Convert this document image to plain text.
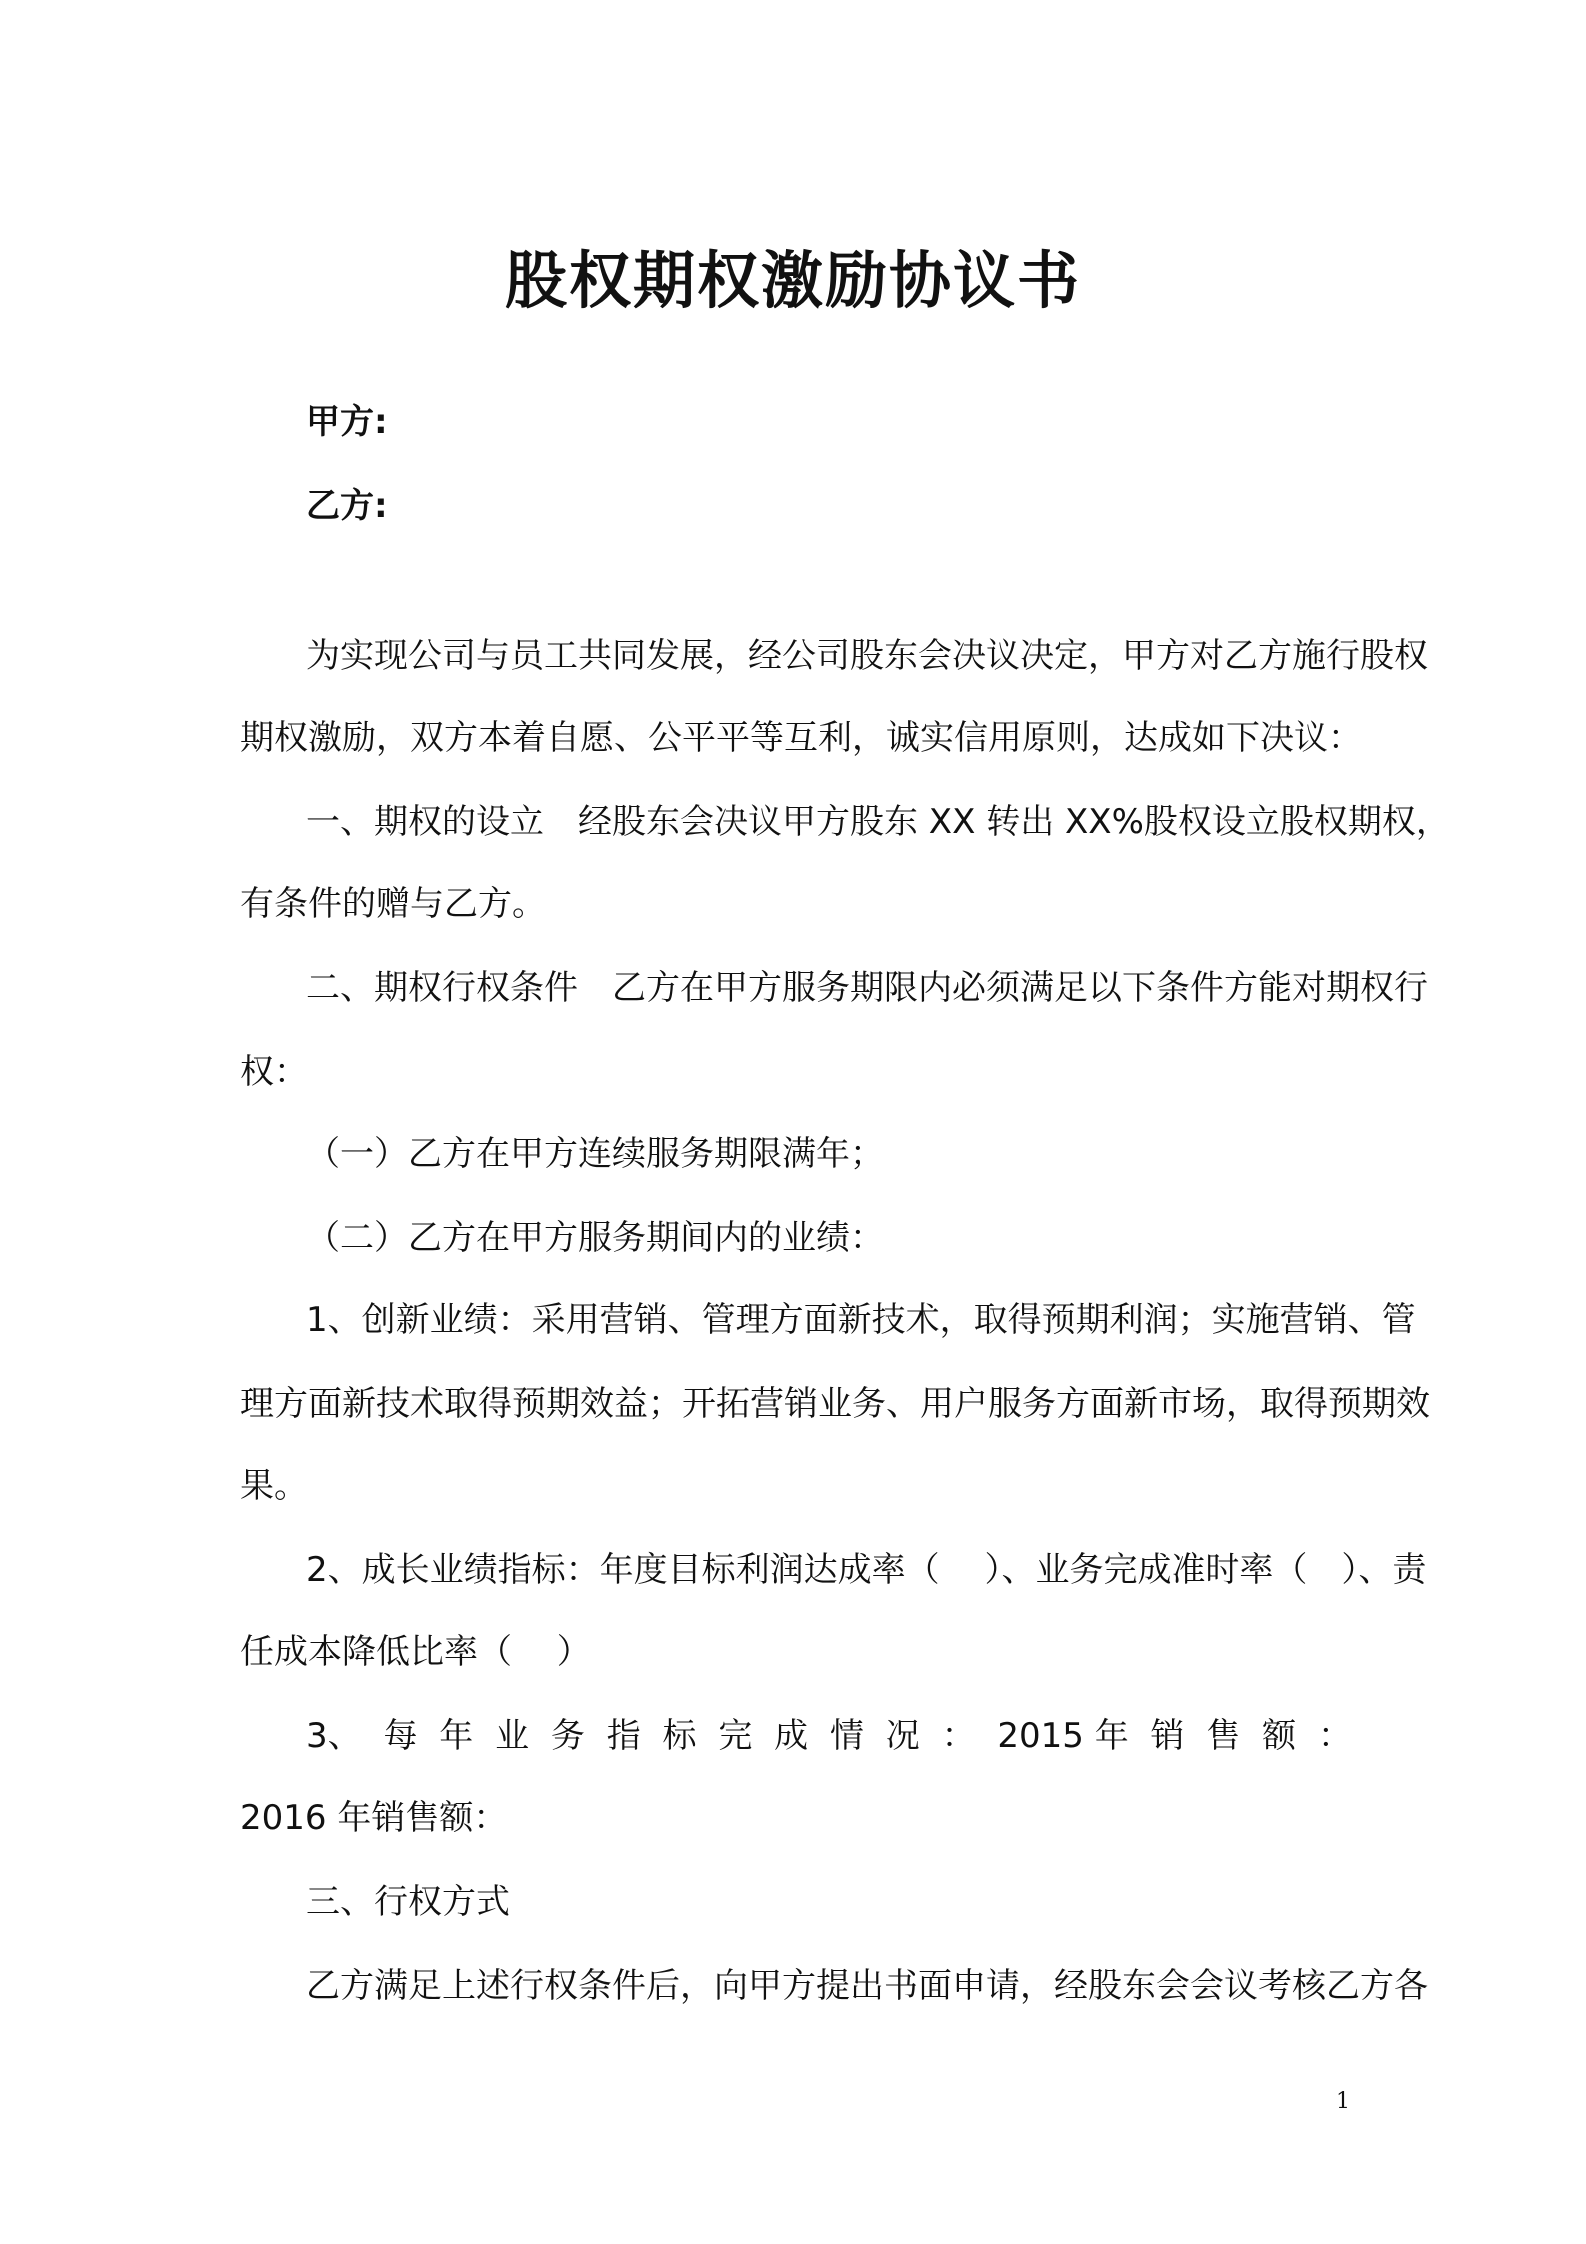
股权期权激励协议书
甲方:
乙方:
为实现公司与员工共同发展，经公司股东会决议决定，甲方对乙方施行股权
期权激励，双方本着自愿、公平平等互利，诚实信用原则，达成如下决议：
一、期权的设立　经股东会决议甲方股东 XX 转出 XX%股权设立股权期权，
有条件的赠与乙方。
二、期权行权条件　乙方在甲方服务期限内必须满足以下条件方能对期权行
权：
（一）乙方在甲方连续服务期限满年；
（二）乙方在甲方服务期间内的业绩：
1、创新业绩：采用营销、管理方面新技术，取得预期利润；实施营销、管
理方面新技术取得预期效益；开拓营销业务、用户服务方面新市场，取得预期效
果。
2、成长业绩指标：年度目标利润达成率（　 ）、业务完成准时率（　）、责
任成本降低比率（　 ）
3、 每 年 业 务 指 标 完 成 情 况 ： 2015 年 销 售 额 ：
2016 年销售额：
三、行权方式
乙方满足上述行权条件后，向甲方提出书面申请，经股东会会议考核乙方各
1
